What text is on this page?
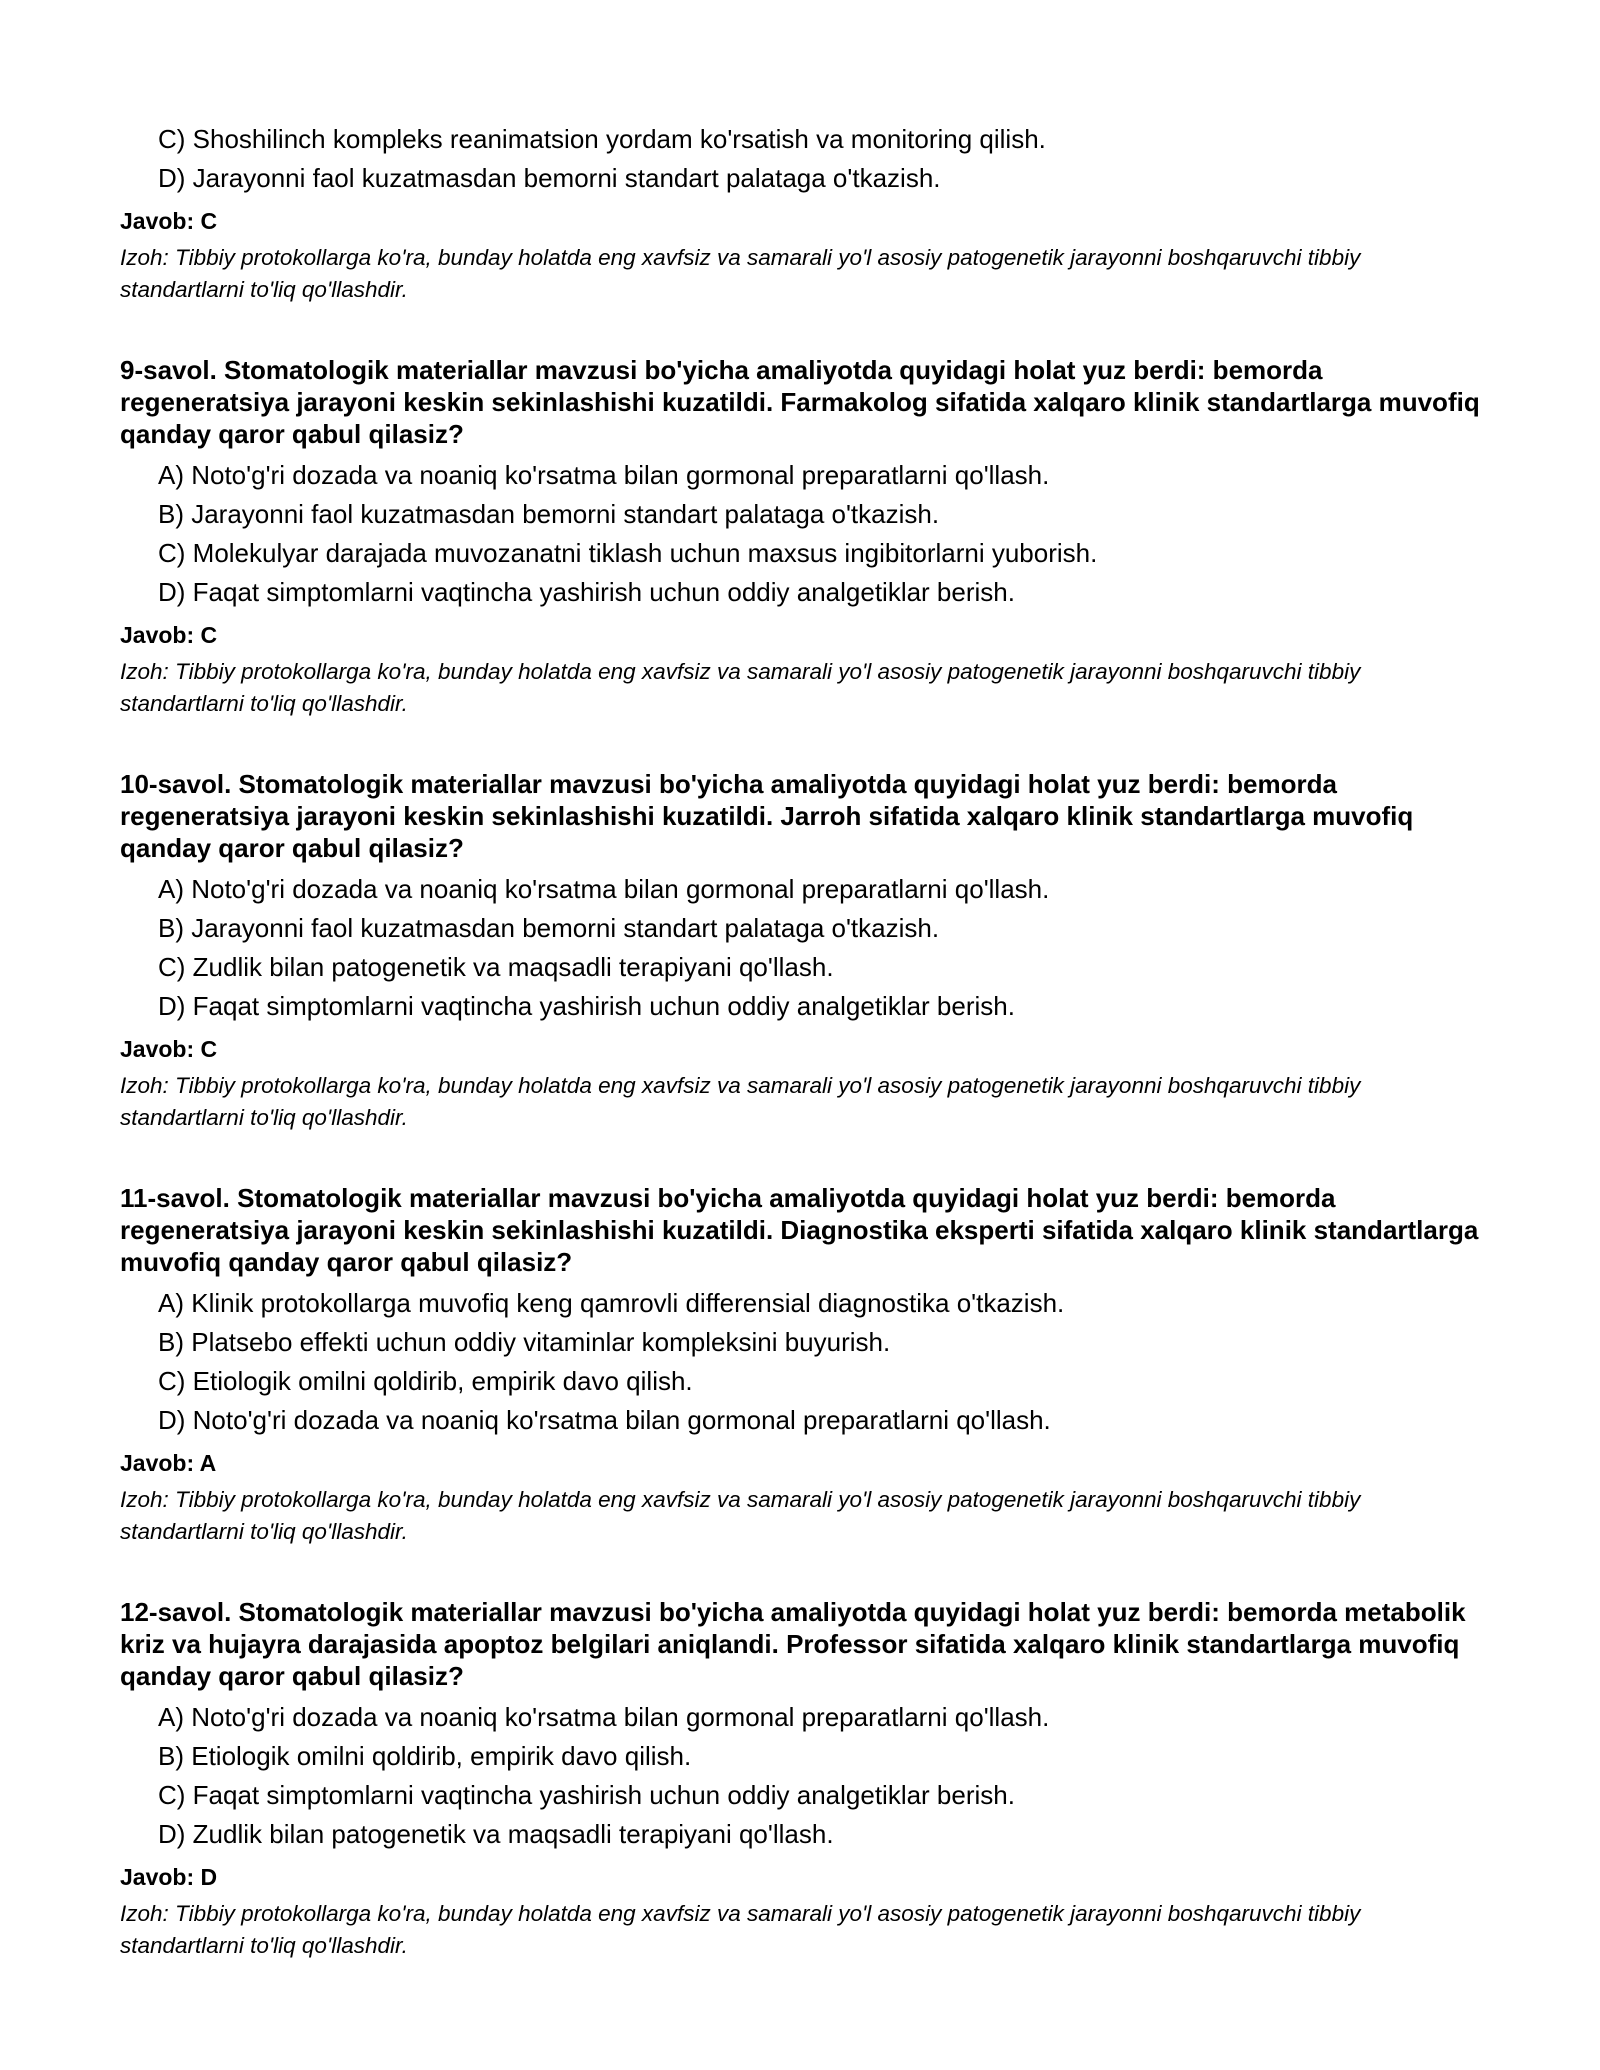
C) Shoshilinch kompleks reanimatsion yordam ko'rsatish va monitoring qilish.
D) Jarayonni faol kuzatmasdan bemorni standart palataga o'tkazish.
Javob: C
Izoh: Tibbiy protokollarga ko'ra, bunday holatda eng xavfsiz va samarali yo'l asosiy patogenetik jarayonni boshqaruvchi tibbiy standartlarni to'liq qo'llashdir.

9-savol. Stomatologik materiallar mavzusi bo'yicha amaliyotda quyidagi holat yuz berdi: bemorda regeneratsiya jarayoni keskin sekinlashishi kuzatildi. Farmakolog sifatida xalqaro klinik standartlarga muvofiq qanday qaror qabul qilasiz?

A) Noto'g'ri dozada va noaniq ko'rsatma bilan gormonal preparatlarni qo'llash.
B) Jarayonni faol kuzatmasdan bemorni standart palataga o'tkazish.
C) Molekulyar darajada muvozanatni tiklash uchun maxsus ingibitorlarni yuborish.
D) Faqat simptomlarni vaqtincha yashirish uchun oddiy analgetiklar berish.
Javob: C
Izoh: Tibbiy protokollarga ko'ra, bunday holatda eng xavfsiz va samarali yo'l asosiy patogenetik jarayonni boshqaruvchi tibbiy standartlarni to'liq qo'llashdir.

10-savol. Stomatologik materiallar mavzusi bo'yicha amaliyotda quyidagi holat yuz berdi: bemorda regeneratsiya jarayoni keskin sekinlashishi kuzatildi. Jarroh sifatida xalqaro klinik standartlarga muvofiq qanday qaror qabul qilasiz?

A) Noto'g'ri dozada va noaniq ko'rsatma bilan gormonal preparatlarni qo'llash.
B) Jarayonni faol kuzatmasdan bemorni standart palataga o'tkazish.
C) Zudlik bilan patogenetik va maqsadli terapiyani qo'llash.
D) Faqat simptomlarni vaqtincha yashirish uchun oddiy analgetiklar berish.
Javob: C
Izoh: Tibbiy protokollarga ko'ra, bunday holatda eng xavfsiz va samarali yo'l asosiy patogenetik jarayonni boshqaruvchi tibbiy standartlarni to'liq qo'llashdir.

11-savol. Stomatologik materiallar mavzusi bo'yicha amaliyotda quyidagi holat yuz berdi: bemorda regeneratsiya jarayoni keskin sekinlashishi kuzatildi. Diagnostika eksperti sifatida xalqaro klinik standartlarga muvofiq qanday qaror qabul qilasiz?

A) Klinik protokollarga muvofiq keng qamrovli differensial diagnostika o'tkazish.
B) Platsebo effekti uchun oddiy vitaminlar kompleksini buyurish.
C) Etiologik omilni qoldirib, empirik davo qilish.
D) Noto'g'ri dozada va noaniq ko'rsatma bilan gormonal preparatlarni qo'llash.
Javob: A
Izoh: Tibbiy protokollarga ko'ra, bunday holatda eng xavfsiz va samarali yo'l asosiy patogenetik jarayonni boshqaruvchi tibbiy standartlarni to'liq qo'llashdir.

12-savol. Stomatologik materiallar mavzusi bo'yicha amaliyotda quyidagi holat yuz berdi: bemorda metabolik kriz va hujayra darajasida apoptoz belgilari aniqlandi. Professor sifatida xalqaro klinik standartlarga muvofiq qanday qaror qabul qilasiz?

A) Noto'g'ri dozada va noaniq ko'rsatma bilan gormonal preparatlarni qo'llash.
B) Etiologik omilni qoldirib, empirik davo qilish.
C) Faqat simptomlarni vaqtincha yashirish uchun oddiy analgetiklar berish.
D) Zudlik bilan patogenetik va maqsadli terapiyani qo'llash.
Javob: D
Izoh: Tibbiy protokollarga ko'ra, bunday holatda eng xavfsiz va samarali yo'l asosiy patogenetik jarayonni boshqaruvchi tibbiy standartlarni to'liq qo'llashdir.
